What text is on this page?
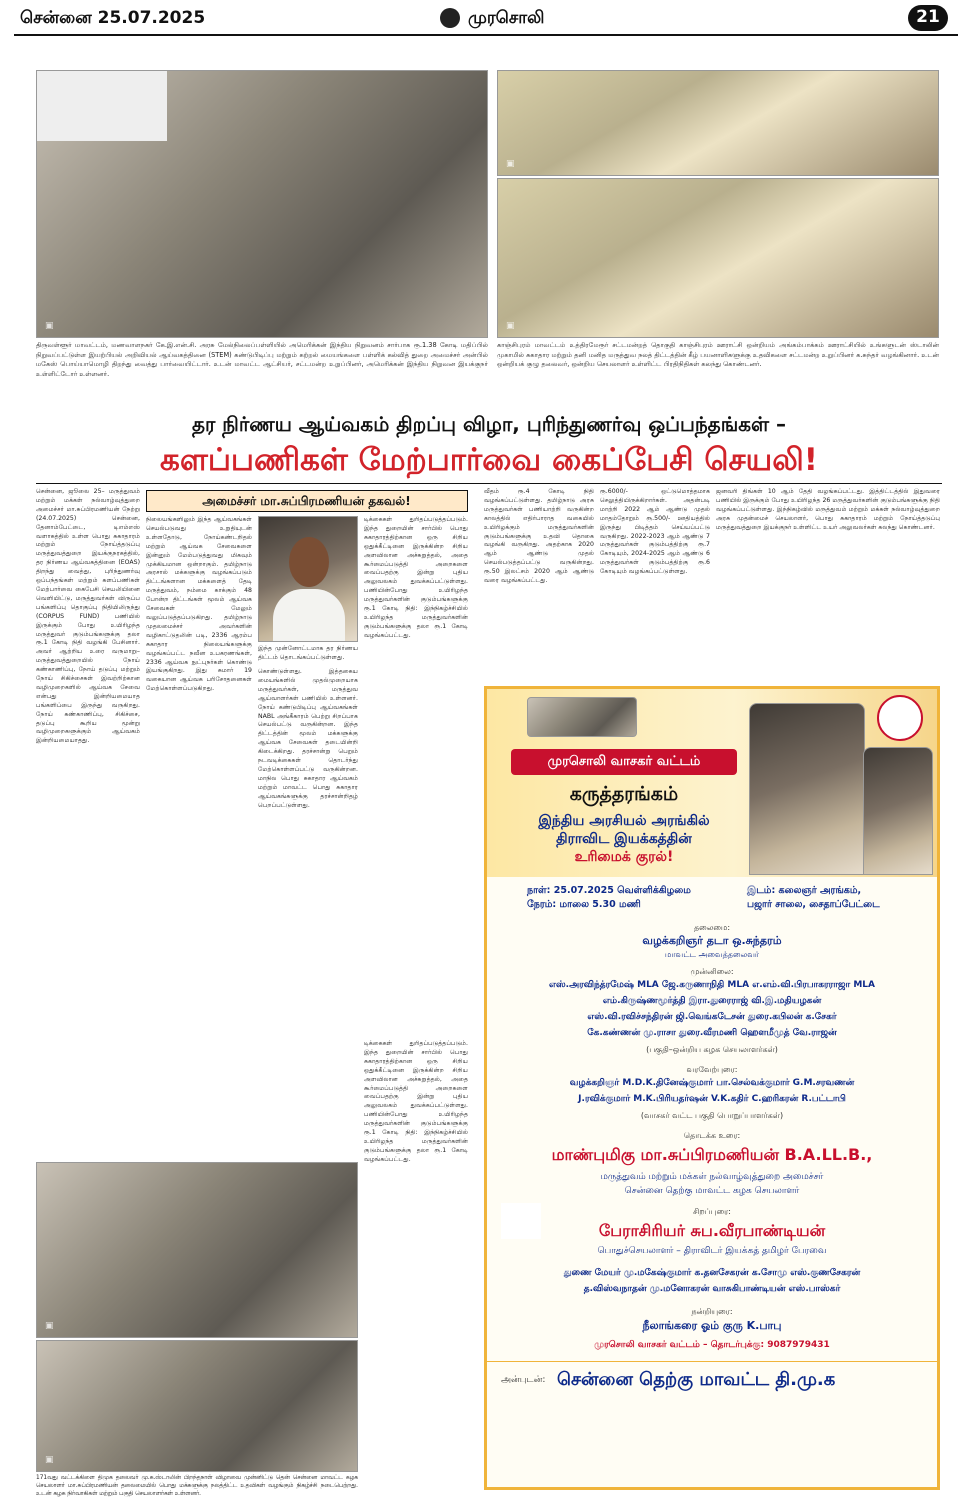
சென்னை 25.07.2025	முரசொலி	21
▣
▣
▣
திருவள்ளூர் மாவட்டம், மணவாளநகர் கே.இ.என்.சி. அரசு மேல்நிலைப்பள்ளியில் அமெரிக்கன் இந்திய நிறுவனம் சார்பாக ரூ.1.38 கோடி மதிப்பில் நிறுவப்பட்டுள்ள இயற்பியல் அறிவியல் ஆய்வகத்தினை (STEM) கண்டுபிடிப்பு மற்றும் கற்றல் மையங்களை பள்ளிக் கல்வித் துறை அமைச்சர் அன்பில் மகேஸ் பொய்யாமொழி திறந்து வைத்து பார்வையிட்டார். உடன் மாவட்ட ஆட்சியர், சட்டமன்ற உறுப்பினர், அமெரிக்கன் இந்திய நிறுவன இயக்குநர் உள்ளிட்டோர் உள்ளனர்.
காஞ்சிபுரம் மாவட்டம் உத்திரமேரூர் சட்டமன்றத் தொகுதி காஞ்சிபுரம் ஊராட்சி ஒன்றியம் அங்கம்பாக்கம் ஊராட்சியில் உங்களுடன் ஸ்டாலின் முகாமில் சுகாதார மற்றும் தனி மனித மருத்துவ நலத் திட்டத்தின் கீழ் பயனாளிகளுக்கு உதவிகளை சட்டமன்ற உறுப்பினர் க.சுந்தர் வழங்கினார். உடன் ஒன்றியக் குழு தலைவர், ஒன்றிய செயலாளர் உள்ளிட்ட பிரதிநிதிகள் கலந்து கொண்டனர்.
தர நிர்ணய ஆய்வகம் திறப்பு விழா, புரிந்துணர்வு ஒப்பந்தங்கள் –
களப்பணிகள் மேற்பார்வை கைப்பேசி செயலி!
சென்னை, ஜூலை 25– மருத்துவம் மற்றும் மக்கள் நல்வாழ்வுத்துறை அமைச்சர் மா.சுப்பிரமணியன் நேற்று (24.07.2025) சென்னை, தேனாம்பேட்டை, டிஎம்எஸ் வளாகத்தில் உள்ள பொது சுகாதாரம் மற்றும் நோய்த்தடுப்பு மருத்துவத்துறை இயக்குநரகத்தில், தர நிர்ணய ஆய்வகத்தினை (EOAS) திறந்து வைத்து, புரிந்துணர்வு ஒப்பந்தங்கள் மற்றும் களப்பணிகள் மேற்பார்வை கைபேசி செயலியினை வெளியிட்டு, மருத்துவர்கள் விருப்ப பங்களிப்பு தொகுப்பு நிதியிலிருந்து (CORPUS FUND) பணியில் இருக்கும் போது உயிரிழந்த மருத்துவர் குடும்பங்களுக்கு தலா ரூ.1 கோடி நிதி வழங்கி பேசினார். அவர் ஆற்றிய உரை வருமாறு– மருத்துவத்துறையில் நோய் கண்காணிப்பு, நோய் தடுப்பு மற்றும் நோய் சிகிச்சைகள் இவற்றிற்கான வழிமுறைகளில் ஆய்வக சேவை என்பது இன்றியமையாத பங்களிப்பை இருந்து வருகிறது. நோய் கண்காணிப்பு, சிகிச்சை, தடுப்பு கூறிய மூன்று வழிமுறைகளுக்கும் ஆய்வகம் இன்றியமையாதது.
அமைச்சர் மா.சுப்பிரமணியன் தகவல்!
நிலையங்களிலும் இந்த ஆய்வகங்கள் செயல்படுவது உறுதியுடன் உள்ளதோடு, நோய்கண்டறிதல் மற்றும் ஆய்வக சேவைகளை இன்னும் மேம்படுத்துவது மிகவும் முக்கியமான ஒன்றாகும். தமிழ்நாடு அரசால் மக்களுக்கு வழங்கப்படும் திட்டங்களான மக்களைத் தேடி மருத்துவம், நம்மை காக்கும் 48 போன்ற திட்டங்கள் மூலம் ஆய்வக சேவைகள் மேலும் வலுப்படுத்தப்படுகிறது. தமிழ்நாடு முதலமைச்சர் அவர்களின் வழிகாட்டுதலின் படி, 2336 ஆரம்ப சுகாதார நிலையங்களுக்கு வழங்கப்பட்ட நவீன உபகரணங்கள், 2336 ஆய்வக நுட்புநர்கள் கொண்டு இயங்குகிறது. இது சுமார் 19 வகையான ஆய்வக பரிசோதனைகள் மேற்கொள்ளப்படுகிறது.
இந்த முன்னோட்டமாக தர நிர்ணய திட்டம் தொடங்கப்பட்டுள்ளது.
கொண்டுள்ளது. இத்தகைய மையங்களில் முதல்முறையாக மருத்துவர்கள், மருத்துவ ஆய்வாளர்கள் பணியில் உள்ளனர். நோய் கண்டுபிடிப்பு ஆய்வகங்கள் NABL அங்கீகாரம் பெற்று சிறப்பாக செயல்பட்டு வருகின்றன. இந்த திட்டத்தின் மூலம் மக்களுக்கு ஆய்வக சேவைகள் தடையின்றி கிடைக்கிறது. தரச்சான்று பெறும் நடவடிக்கைகள் தொடர்ந்து மேற்கொள்ளப்பட்டு வருகின்றன. மாநில பொது சுகாதார ஆய்வகம் மற்றும் மாவட்ட பொது சுகாதார ஆய்வகங்களுக்கு தரச்சான்றிதழ் பெறப்பட்டுள்ளது.
டிக்கைகள் துரிதப்படுத்தப்படும். இந்த துறையின் சார்பில் பொது சுகாதாரத்திற்கான ஒரு சிறிய ஒதுக்கீட்டினை இருக்கின்ற சிறிய அளவிலான அச்சுறுத்தல், அதை கூர்மைப்படுத்தி அறைகளை வைப்பதற்கு இன்று புதிய அலுவலகம் துவக்கப்பட்டுள்ளது. பணியின்போது உயிரிழந்த மருத்துவர்களின் குடும்பங்களுக்கு ரூ.1 கோடி நிதி: இந்நிகழ்ச்சியில் உயிரிழந்த மருத்துவர்களின் குடும்பங்களுக்கு தலா ரூ.1 கோடி வழங்கப்பட்டது.
டிக்கைகள் துரிதப்படுத்தப்படும். இந்த துறையின் சார்பில் பொது சுகாதாரத்திற்கான ஒரு சிறிய ஒதுக்கீட்டினை இருக்கின்ற சிறிய அளவிலான அச்சுறுத்தல், அதை கூர்மைப்படுத்தி அறைகளை வைப்பதற்கு இன்று புதிய அலுவலகம் துவக்கப்பட்டுள்ளது. பணியின்போது உயிரிழந்த மருத்துவர்களின் குடும்பங்களுக்கு ரூ.1 கோடி நிதி: இந்நிகழ்ச்சியில் உயிரிழந்த மருத்துவர்களின் குடும்பங்களுக்கு தலா ரூ.1 கோடி வழங்கப்பட்டது.
வீதம் ரூ.4 கோடி நிதி வழங்கப்பட்டுள்ளது. தமிழ்நாடு அரசு மருத்துவர்கள் பணியாற்றி வருகின்ற காலத்தில் எதிர்பாராத வகையில் உயிரிழக்கும் மருத்துவர்களின் குடும்பங்களுக்கு உதவி தொகை வழங்கி வருகிறது. அதற்காக 2020 ஆம் ஆண்டு முதல் செயல்படுத்தப்பட்டு வருகின்றது. ரூ.50 இலட்சம் 2020 ஆம் ஆண்டு வரை வழங்கப்பட்டது.
ரூ.6000/- ஒட்டுமொத்தமாக செலுத்தியிருக்கிறார்கள். அதன்படி மாற்றி 2022 ஆம் ஆண்டு முதல் மாதம்தோறும் ரூ.500/- ஊதியத்தில் இருந்து பிடித்தம் செய்யப்பட்டு வருகிறது. 2022-2023 ஆம் ஆண்டு 7 மருத்துவர்கள் குடும்பத்திற்கு ரூ.7 கோடியும், 2024-2025 ஆம் ஆண்டு 6 மருத்துவர்கள் குடும்பத்திற்கு ரூ.6 கோடியும் வழங்கப்பட்டுள்ளது.
ஜனவரி திங்கள் 10 ஆம் தேதி வழங்கப்பட்டது. இத்திட்டத்தில் இதுவரை பணியில் இருக்கும் போது உயிரிழந்த 26 மருத்துவர்களின் குடும்பங்களுக்கு நிதி வழங்கப்பட்டுள்ளது. இந்நிகழ்வில் மருத்துவம் மற்றும் மக்கள் நல்வாழ்வுத்துறை அரசு முதன்மைச் செயலாளர், பொது சுகாதாரம் மற்றும் நோய்த்தடுப்பு மருத்துவத்துறை இயக்குநர் உள்ளிட்ட உயர் அலுவலர்கள் கலந்து கொண்டனர்.
▣
▣
171வது வட்டக்கிளை திமுக தலைவர் மு.க.ஸ்டாலின் பிறந்தநாள் விழாவை முன்னிட்டு தென் சென்னை மாவட்ட கழக செயலாளர் மா.சுப்பிரமணியன் தலைமையில் பொது மக்களுக்கு நலத்திட்ட உதவிகள் வழங்கும் நிகழ்ச்சி நடைபெற்றது. உடன் கழக நிர்வாகிகள் மற்றும் பகுதி செயலாளர்கள் உள்ளனர்.
முரசொலி வாசகர் வட்டம்
கருத்தரங்கம்
இந்திய அரசியல் அரங்கில்
திராவிட இயக்கத்தின்
உரிமைக் குரல்!
நாள்: 25.07.2025 வெள்ளிக்கிழமை
நேரம்: மாலை 5.30 மணி
இடம்: கலைஞர் அரங்கம்,
பஜார் சாலை, சைதாப்பேட்டை
தலைமை:
வழக்கறிஞர் தடா ஒ.சுந்தரம்
மாவட்ட அவைத்தலைவர்
முன்னிலை:
எஸ்.அரவிந்த்ரமேஷ் MLA ஜே.கருணாநிதி MLA எ.எம்.வி.பிரபாகரராஜா MLA
எம்.கிருஷ்ணமூர்த்தி இரா.துரைராஜ் வி.இ.மதியழகன்
எஸ்.வி.ரவிச்சந்திரன் ஜி.வெங்கடேசன் துரை.கபிலன் க.சேகர்
கே.கண்ணன் மு.ராசா துரை.வீரமணி ஹெளமீமுத் வே.ராஜன்
(பகுதி–ஒன்றிய கழக செயலாளர்கள்)
வரவேற்புரை:
வழக்கறிஞர் M.D.K.தினேஷ்குமார் பா.செல்வக்குமார் G.M.சரவணன்
J.ரவிக்குமார் M.K.பிரியதர்ஷன் V.K.கதிர் C.ஹரிகரன் R.பட்டாபி
(வாசகர் வட்ட பகுதி பொறுப்பாளர்கள்)
தொடக்க உரை:
மாண்புமிகு மா.சுப்பிரமணியன் B.A.LL.B.,
மருத்துவம் மற்றும் மக்கள் நல்வாழ்வுத்துறை அமைச்சர்
சென்னை தெற்கு மாவட்ட கழக செயலாளர்
சிறப்புரை:
பேராசிரியர் சுப.வீரபாண்டியன்
பொதுச்செயலாளர் – திராவிடர் இயக்கத் தமிழர் பேரவை
துணை மேயர் மு.மகேஷ்குமார் க.தனசேகரன் க.சோமு எஸ்.குணசேகரன்
த.விஸ்வநாதன் மு.மனோகரன் வாசுகிபாண்டியன் எஸ்.பாஸ்கர்
நன்றியுரை:
நீலாங்கரை ஓம் குரு K.பாபு
முரசொலி வாசகர் வட்டம் – தொடர்புக்கு: 9087979431
அன்புடன்: சென்னை தெற்கு மாவட்ட தி.மு.க
